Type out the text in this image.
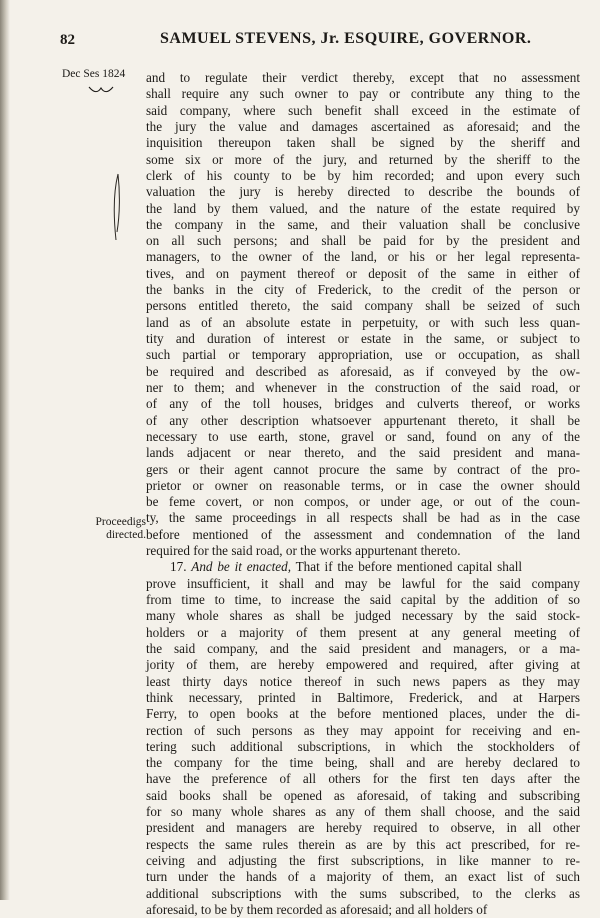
82	SAMUEL STEVENS, Jr. ESQUIRE, GOVERNOR.
Dec Ses 1824
Proceedigs
directed.
and to regulate their verdict thereby, except that no assessment
shall require any such owner to pay or contribute any thing to the
said company, where such benefit shall exceed in the estimate of
the jury the value and damages ascertained as aforesaid; and the
inquisition thereupon taken shall be signed by the sheriff and
some six or more of the jury, and returned by the sheriff to the
clerk of his county to be by him recorded; and upon every such
valuation the jury is hereby directed to describe the bounds of
the land by them valued, and the nature of the estate required by
the company in the same, and their valuation shall be conclusive
on all such persons; and shall be paid for by the president and
managers, to the owner of the land, or his or her legal representa-
tives, and on payment thereof or deposit of the same in either of
the banks in the city of Frederick, to the credit of the person or
persons entitled thereto, the said company shall be seized of such
land as of an absolute estate in perpetuity, or with such less quan-
tity and duration of interest or estate in the same, or subject to
such partial or temporary appropriation, use or occupation, as shall
be required and described as aforesaid, as if conveyed by the ow-
ner to them; and whenever in the construction of the said road, or
of any of the toll houses, bridges and culverts thereof, or works
of any other description whatsoever appurtenant thereto, it shall be
necessary to use earth, stone, gravel or sand, found on any of the
lands adjacent or near thereto, and the said president and mana-
gers or their agent cannot procure the same by contract of the pro-
prietor or owner on reasonable terms, or in case the owner should
be feme covert, or non compos, or under age, or out of the coun-
ty, the same proceedings in all respects shall be had as in the case
before mentioned of the assessment and condemnation of the land
required for the said road, or the works appurtenant thereto.
17. And be it enacted, That if the before mentioned capital shall
prove insufficient, it shall and may be lawful for the said company
from time to time, to increase the said capital by the addition of so
many whole shares as shall be judged necessary by the said stock-
holders or a majority of them present at any general meeting of
the said company, and the said president and managers, or a ma-
jority of them, are hereby empowered and required, after giving at
least thirty days notice thereof in such news papers as they may
think necessary, printed in Baltimore, Frederick, and at Harpers
Ferry, to open books at the before mentioned places, under the di-
rection of such persons as they may appoint for receiving and en-
tering such additional subscriptions, in which the stockholders of
the company for the time being, shall and are hereby declared to
have the preference of all others for the first ten days after the
said books shall be opened as aforesaid, of taking and subscribing
for so many whole shares as any of them shall choose, and the said
president and managers are hereby required to observe, in all other
respects the same rules therein as are by this act prescribed, for re-
ceiving and adjusting the first subscriptions, in like manner to re-
turn under the hands of a majority of them, an exact list of such
additional subscriptions with the sums subscribed, to the clerks as
aforesaid, to be by them recorded as aforesaid; and all holders of
